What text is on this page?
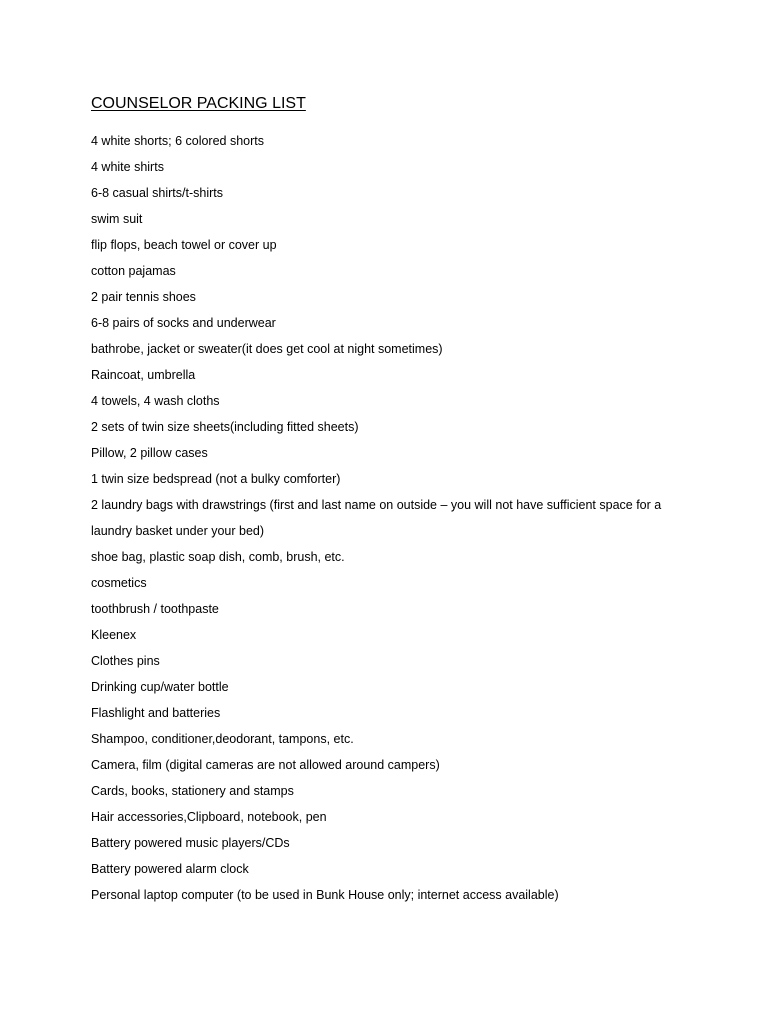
COUNSELOR PACKING LIST
4 white shorts; 6 colored shorts
4 white shirts
6-8 casual shirts/t-shirts
swim suit
flip flops, beach towel or cover up
cotton pajamas
2 pair tennis shoes
6-8 pairs of socks and underwear
bathrobe, jacket or sweater(it does get cool at night sometimes)
Raincoat, umbrella
4 towels, 4 wash cloths
2 sets of twin size sheets(including fitted sheets)
Pillow, 2 pillow cases
1 twin size bedspread (not a bulky comforter)
2 laundry bags with drawstrings (first and last name on outside – you will not have sufficient space for a
laundry basket under your bed)
shoe bag, plastic soap dish, comb, brush, etc.
cosmetics
toothbrush / toothpaste
Kleenex
Clothes pins
Drinking cup/water bottle
Flashlight and batteries
Shampoo, conditioner,deodorant, tampons, etc.
Camera, film (digital cameras are not allowed around campers)
Cards, books, stationery and stamps
Hair accessories,Clipboard, notebook, pen
Battery powered music players/CDs
Battery powered alarm clock
Personal laptop computer (to be used in Bunk House only; internet access available)
